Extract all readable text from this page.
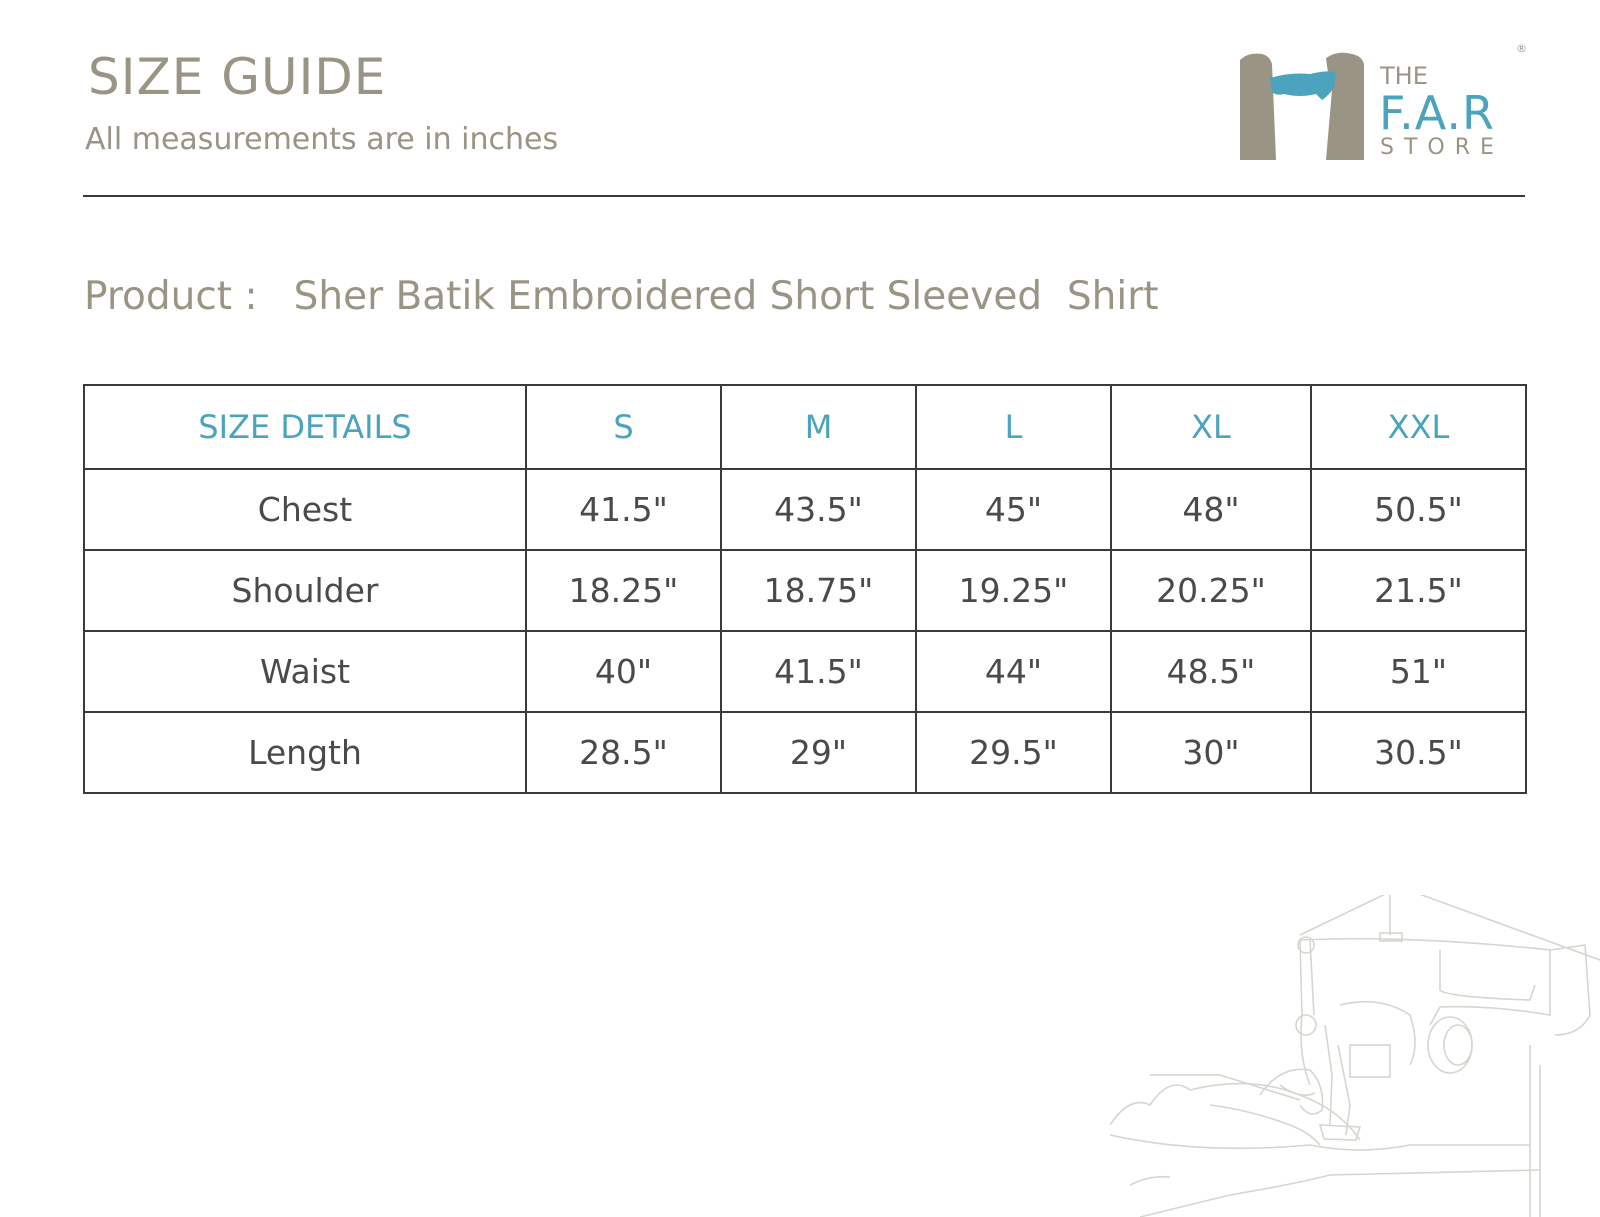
SIZE GUIDE
All measurements are in inches
®
THE
F.A.R
STORE
Product : Sher Batik Embroidered Short Sleeved  Shirt
SIZE DETAILS	S	M	L	XL	XXL
Chest	41.5"	43.5"	45"	48"	50.5"
Shoulder	18.25"	18.75"	19.25"	20.25"	21.5"
Waist	40"	41.5"	44"	48.5"	51"
Length	28.5"	29"	29.5"	30"	30.5"
